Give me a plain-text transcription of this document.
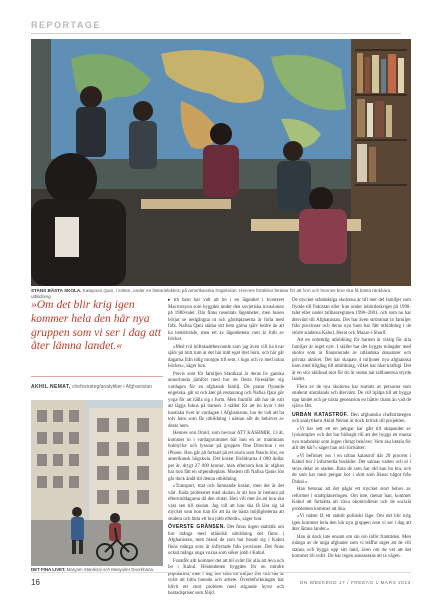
REPORTAGE
STANS BÄSTA SKOLA. Katayoon Qani, i mitten, under en historielektion på amerikanska högskolan. Hennes föräldrar betalar för att hon och hennes bror ska få bästa tänkbara utbildning.
»Om det blir krig igen kommer hela den här nya gruppen som vi ser i dag att åter lämna landet.«
AKHIL NEMAT, chefsstrateg/analytiker i Afghanistan
DET FINA LIVET. Maryam Stanikzai och Masyuiter Doorkhana.

▸ trå barn har valt att bo i en lägenhet i kvarteret Macrorayon som byggdes under den sovjetiska invasionen på 1980-talet. Där finns tusentals lägenheter, men husen börjar se nedgångna ut och gårdsplanerna är fulla med folk. Nafisa Qani städar sitt hem gärna själv hellre än att ha hembiträde, men ett av lägenhetens rum är fullt av böcker.

»Med två höftskadebesvande som jag även vill ha kvar själv på mitt rum är det här mitt eget litet hörn, och här går dagarna från tidig morgon till sent, i lugn och ro med mina böcker«, säger hon.

Precis som för familjen Stanikzai är deras liv ganska annorlunda jämfört med hur de flesta föreställer sig vardagen för en afghansk familj. De pratar flytande engelska, går ut och äter på restaurang och Nafisa Qani gör yoga för att hålla sig i form. Men framför allt har de valt att lägga fokus på barnen. I stället för att bo kvar i det kaotiska livet är vardagen i Afghanistan, har de valt att ha tolv barn som får utbildning i nästan allt de behöver av deras hem.

Hennes son Omid, som bevisar ATT KASHMIR, 13 år, kommer in i vardagsrummet bär hon en av mammans bokhyllor och lyssnar på gruppen One Direction i en iPhone. Hon går på fortsatt på ett skola som Nasrin löst, en amerikansk högskola. Det kostar föräldrarna 4 000 dollar per år, drygt 27 000 kronor, men eftersom hon är afghan har hon fått en stipendieplats. Modern till Nafisa Qanis lön går dock ändå till denna utbildning.

»Transport, mat och lämnande kostar, men det är det värt. Enda problemet med skolan är att hon är hemma på eftermiddagarna då den slutar. Hon vill mer än att hon ska vara sen till skolan. Jag vill att hon ska få lära sig så mycket som hon kan för att ha de bästa möjligheterna att studera och hitta ett bra jobb efteråt«, säger hon.

ÖVERSTE GRÄNSEN. Det finns ingen statistik om hur många med utländsk utbildning det finns i Afghanistan, men bland de som har bosatt sig i Kabul finns många som är inflyttade från provinser. Det finns också många unga vuxna som söker jobb i Kabul.

Framför allt kommer det att bli svårt för alla att leva och bo i Kabul. Höstenheten byggdes för en mindre population, men i dag bor nära en miljon fler och det är svårt att hitta boende och arbete. Överbefolkningen har blivit ett stort problem med stigande hyror och bostadspriser som följd.

De mycket ståndaktiga skolorna är till mer del familjer som flydde till Pakistan eller Iran under inbördeskriget på 1990-talet eller under talibanregimen 1996–2001, och som nu har återvänt till Afghanistan. Det har även strömmat in familjer från provinser och deras nya barn har fått utbildning i de större städerna Kabul, Herat och Mazar-i-Sharif.

Att en ordentlig utbildning för barnen är viktig för alla familjer är inget nytt. I stället har det byggts mängder med skolor som är finansierade av utländska donatorer och privata aktörer. Det har skapats 4 miljoner nya afghanska barn med tillgång till utbildning, vilket har ökat kraftigt. Det är en stor skillnad mot för tio år sedan när talibanerna styrde landet.

Flera av de nya skolorna har startats av personer som studerat utomlands och återvänt. De vill hjälpa till att bygga upp landet och ge nästa generation en bättre chans än vad de själva fått.

URBAN KATASTROF. Den afghanska chefsstrategen och analytikern Akhil Nemat är dock kritisk till projekten.

»Vi har sett ett en pengar har gått till skapandet av lyxkomplex och det har bidragit till att det byggs en massa nya stadsdelar som ingen riktigt behöver. Vem ska betala för allt det här?« säger han och fortsätter:

»Vi befinner oss i en urban katastrof där 20 procent i Kabul bor i informella bostäder. Det saknas vatten och el i stora delar av staden. Bara de som har råd kan bo bra, och de som har mest pengar bor i slott som liknar något från Dubai.«

Han betonar att det pågår ett mycket stort behov av reformer i stadsplaneringen. Om inte, menar han, kommer Kabul att fortsätta att växa okontrollerat och de sociala problemen kommer att öka.

»Vi måste få ett stabilt politiskt läge. Om det blir krig igen kommer hela den här nya gruppen som vi ser i dag att åter lämna landet.«

Han är dock inte ensam om sin oro inför framtiden. Men många av de unga afghaner som vi träffar säger att de vill stanna och bygga upp sitt land, även om de vet att det kommer bli svårt. De har ingen annanstans att ta vägen.

16	DN WEEKEND 17 / FREDAG 1 MARS 2013
